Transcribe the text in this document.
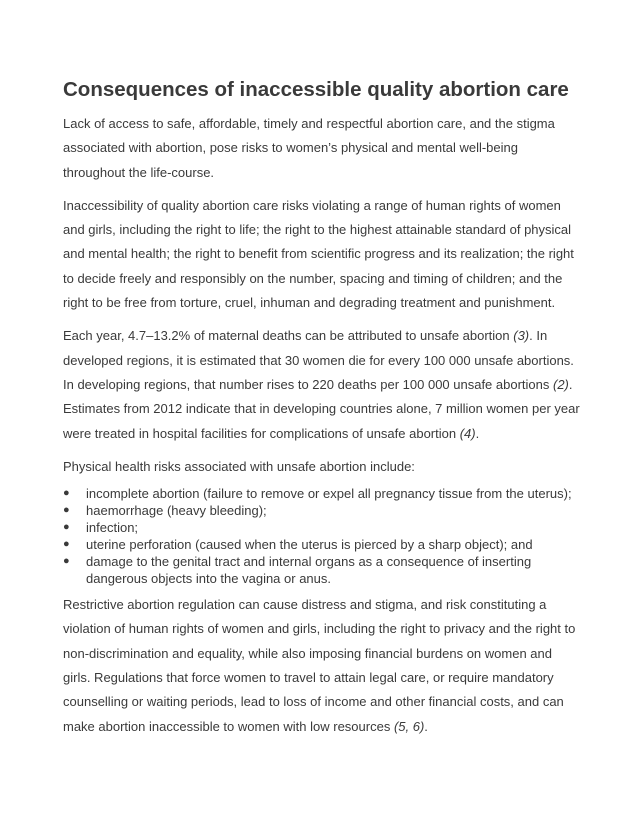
Consequences of inaccessible quality abortion care

Lack of access to safe, affordable, timely and respectful abortion care, and the stigma associated with abortion, pose risks to women’s physical and mental well-being throughout the life-course.

Inaccessibility of quality abortion care risks violating a range of human rights of women and girls, including the right to life; the right to the highest attainable standard of physical and mental health; the right to benefit from scientific progress and its realization; the right to decide freely and responsibly on the number, spacing and timing of children; and the right to be free from torture, cruel, inhuman and degrading treatment and punishment.

Each year, 4.7–13.2% of maternal deaths can be attributed to unsafe abortion (3). In developed regions, it is estimated that 30 women die for every 100 000 unsafe abortions. In developing regions, that number rises to 220 deaths per 100 000 unsafe abortions (2). Estimates from 2012 indicate that in developing countries alone, 7 million women per year were treated in hospital facilities for complications of unsafe abortion (4).

Physical health risks associated with unsafe abortion include:

●	incomplete abortion (failure to remove or expel all pregnancy tissue from the uterus);
●	haemorrhage (heavy bleeding);
●	infection;
●	uterine perforation (caused when the uterus is pierced by a sharp object); and
●	damage to the genital tract and internal organs as a consequence of inserting dangerous objects into the vagina or anus.

Restrictive abortion regulation can cause distress and stigma, and risk constituting a violation of human rights of women and girls, including the right to privacy and the right to non-discrimination and equality, while also imposing financial burdens on women and girls. Regulations that force women to travel to attain legal care, or require mandatory counselling or waiting periods, lead to loss of income and other financial costs, and can make abortion inaccessible to women with low resources (5, 6).
